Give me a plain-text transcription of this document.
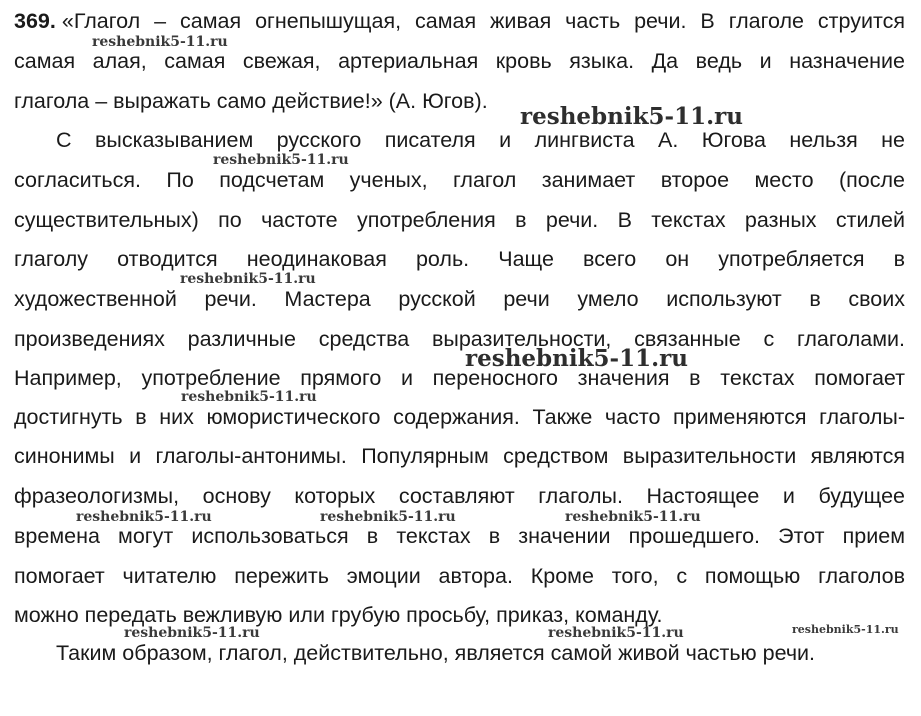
369. «Глагол – самая огнепышущая, самая живая часть речи. В глаголе струится
самая алая, самая свежая, артериальная кровь языка. Да ведь и назначение
глагола – выражать само действие!» (А. Югов).
С высказыванием русского писателя и лингвиста А. Югова нельзя не
согласиться. По подсчетам ученых, глагол занимает второе место (после
существительных) по частоте употребления в речи. В текстах разных стилей
глаголу отводится неодинаковая роль. Чаще всего он употребляется в
художественной речи. Мастера русской речи умело используют в своих
произведениях различные средства выразительности, связанные с глаголами.
Например, употребление прямого и переносного значения в текстах помогает
достигнуть в них юмористического содержания. Также часто применяются глаголы-
синонимы и глаголы-антонимы. Популярным средством выразительности являются
фразеологизмы, основу которых составляют глаголы. Настоящее и будущее
времена могут использоваться в текстах в значении прошедшего. Этот прием
помогает читателю пережить эмоции автора. Кроме того, с помощью глаголов
можно передать вежливую или грубую просьбу, приказ, команду.
Таким образом, глагол, действительно, является самой живой частью речи.
reshebnik5-11.ru
reshebnik5-11.ru
reshebnik5-11.ru
reshebnik5-11.ru
reshebnik5-11.ru
reshebnik5-11.ru
reshebnik5-11.ru	reshebnik5-11.ru	reshebnik5-11.ru
reshebnik5-11.ru	reshebnik5-11.ru	reshebnik5-11.ru
